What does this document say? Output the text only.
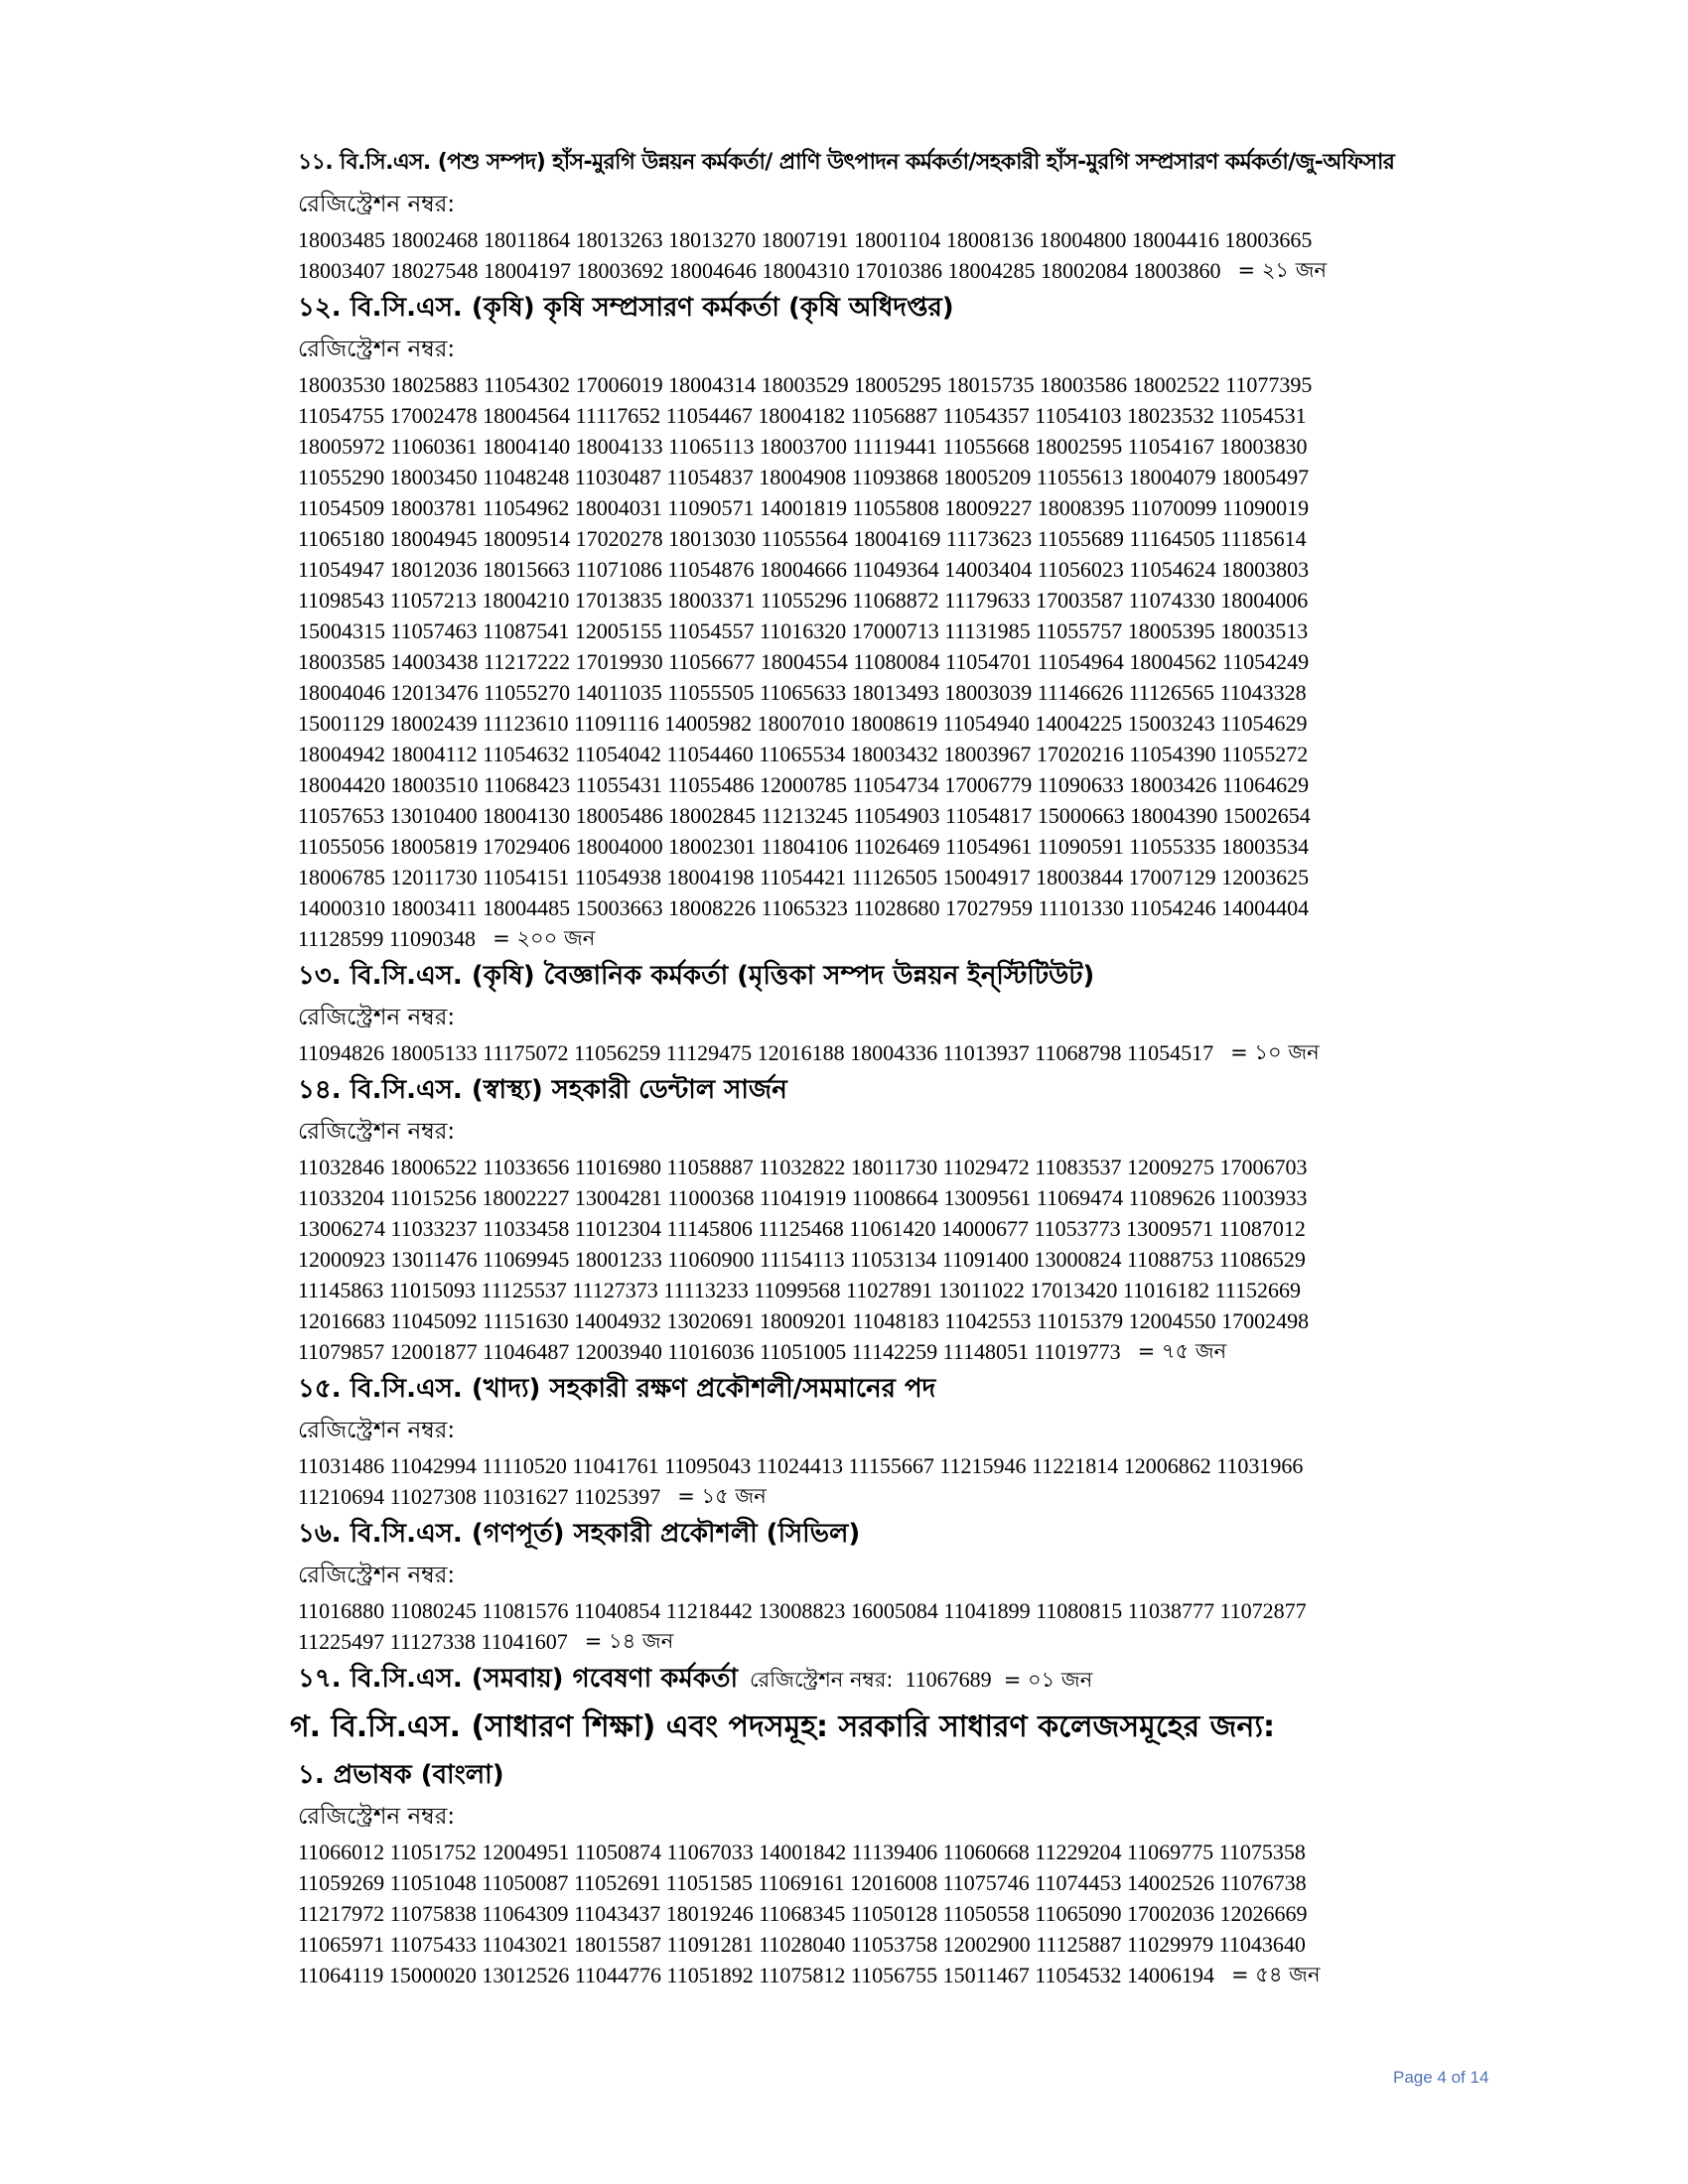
১১. বি.সি.এস. (পশু সম্পদ) হাঁস-মুরগি উন্নয়ন কর্মকর্তা/ প্রাণি উৎপাদন কর্মকর্তা/সহকারী হাঁস-মুরগি সম্প্রসারণ কর্মকর্তা/জু-অফিসার
রেজিস্ট্রেশন নম্বর:
18003485 18002468 18011864 18013263 18013270 18007191 18001104 18008136 18004800 18004416 18003665
18003407 18027548 18004197 18003692 18004646 18004310 17010386 18004285 18002084 18003860 = ২১ জন
১২. বি.সি.এস. (কৃষি) কৃষি সম্প্রসারণ কর্মকর্তা (কৃষি অধিদপ্তর)
রেজিস্ট্রেশন নম্বর:
18003530 18025883 11054302 17006019 18004314 18003529 18005295 18015735 18003586 18002522 11077395
11054755 17002478 18004564 11117652 11054467 18004182 11056887 11054357 11054103 18023532 11054531
18005972 11060361 18004140 18004133 11065113 18003700 11119441 11055668 18002595 11054167 18003830
11055290 18003450 11048248 11030487 11054837 18004908 11093868 18005209 11055613 18004079 18005497
11054509 18003781 11054962 18004031 11090571 14001819 11055808 18009227 18008395 11070099 11090019
11065180 18004945 18009514 17020278 18013030 11055564 18004169 11173623 11055689 11164505 11185614
11054947 18012036 18015663 11071086 11054876 18004666 11049364 14003404 11056023 11054624 18003803
11098543 11057213 18004210 17013835 18003371 11055296 11068872 11179633 17003587 11074330 18004006
15004315 11057463 11087541 12005155 11054557 11016320 17000713 11131985 11055757 18005395 18003513
18003585 14003438 11217222 17019930 11056677 18004554 11080084 11054701 11054964 18004562 11054249
18004046 12013476 11055270 14011035 11055505 11065633 18013493 18003039 11146626 11126565 11043328
15001129 18002439 11123610 11091116 14005982 18007010 18008619 11054940 14004225 15003243 11054629
18004942 18004112 11054632 11054042 11054460 11065534 18003432 18003967 17020216 11054390 11055272
18004420 18003510 11068423 11055431 11055486 12000785 11054734 17006779 11090633 18003426 11064629
11057653 13010400 18004130 18005486 18002845 11213245 11054903 11054817 15000663 18004390 15002654
11055056 18005819 17029406 18004000 18002301 11804106 11026469 11054961 11090591 11055335 18003534
18006785 12011730 11054151 11054938 18004198 11054421 11126505 15004917 18003844 17007129 12003625
14000310 18003411 18004485 15003663 18008226 11065323 11028680 17027959 11101330 11054246 14004404
11128599 11090348 = ২০০ জন
১৩. বি.সি.এস. (কৃষি) বৈজ্ঞানিক কর্মকর্তা (মৃত্তিকা সম্পদ উন্নয়ন ইন্‌স্টিটিউট)
রেজিস্ট্রেশন নম্বর:
11094826 18005133 11175072 11056259 11129475 12016188 18004336 11013937 11068798 11054517 = ১০ জন
১৪. বি.সি.এস. (স্বাস্থ্য) সহকারী ডেন্টাল সার্জন
রেজিস্ট্রেশন নম্বর:
11032846 18006522 11033656 11016980 11058887 11032822 18011730 11029472 11083537 12009275 17006703
11033204 11015256 18002227 13004281 11000368 11041919 11008664 13009561 11069474 11089626 11003933
13006274 11033237 11033458 11012304 11145806 11125468 11061420 14000677 11053773 13009571 11087012
12000923 13011476 11069945 18001233 11060900 11154113 11053134 11091400 13000824 11088753 11086529
11145863 11015093 11125537 11127373 11113233 11099568 11027891 13011022 17013420 11016182 11152669
12016683 11045092 11151630 14004932 13020691 18009201 11048183 11042553 11015379 12004550 17002498
11079857 12001877 11046487 12003940 11016036 11051005 11142259 11148051 11019773 = ৭৫ জন
১৫. বি.সি.এস. (খাদ্য) সহকারী রক্ষণ প্রকৌশলী/সমমানের পদ
রেজিস্ট্রেশন নম্বর:
11031486 11042994 11110520 11041761 11095043 11024413 11155667 11215946 11221814 12006862 11031966
11210694 11027308 11031627 11025397 = ১৫ জন
১৬. বি.সি.এস. (গণপূর্ত) সহকারী প্রকৌশলী (সিভিল)
রেজিস্ট্রেশন নম্বর:
11016880 11080245 11081576 11040854 11218442 13008823 16005084 11041899 11080815 11038777 11072877
11225497 11127338 11041607 = ১৪ জন
১৭. বি.সি.এস. (সমবায়) গবেষণা কর্মকর্তা রেজিস্ট্রেশন নম্বর: 11067689 = ০১ জন
গ. বি.সি.এস. (সাধারণ শিক্ষা) এবং পদসমূহ: সরকারি সাধারণ কলেজসমূহের জন্য:
১. প্রভাষক (বাংলা)
রেজিস্ট্রেশন নম্বর:
11066012 11051752 12004951 11050874 11067033 14001842 11139406 11060668 11229204 11069775 11075358
11059269 11051048 11050087 11052691 11051585 11069161 12016008 11075746 11074453 14002526 11076738
11217972 11075838 11064309 11043437 18019246 11068345 11050128 11050558 11065090 17002036 12026669
11065971 11075433 11043021 18015587 11091281 11028040 11053758 12002900 11125887 11029979 11043640
11064119 15000020 13012526 11044776 11051892 11075812 11056755 15011467 11054532 14006194 = ৫৪ জন
Page 4 of 14
